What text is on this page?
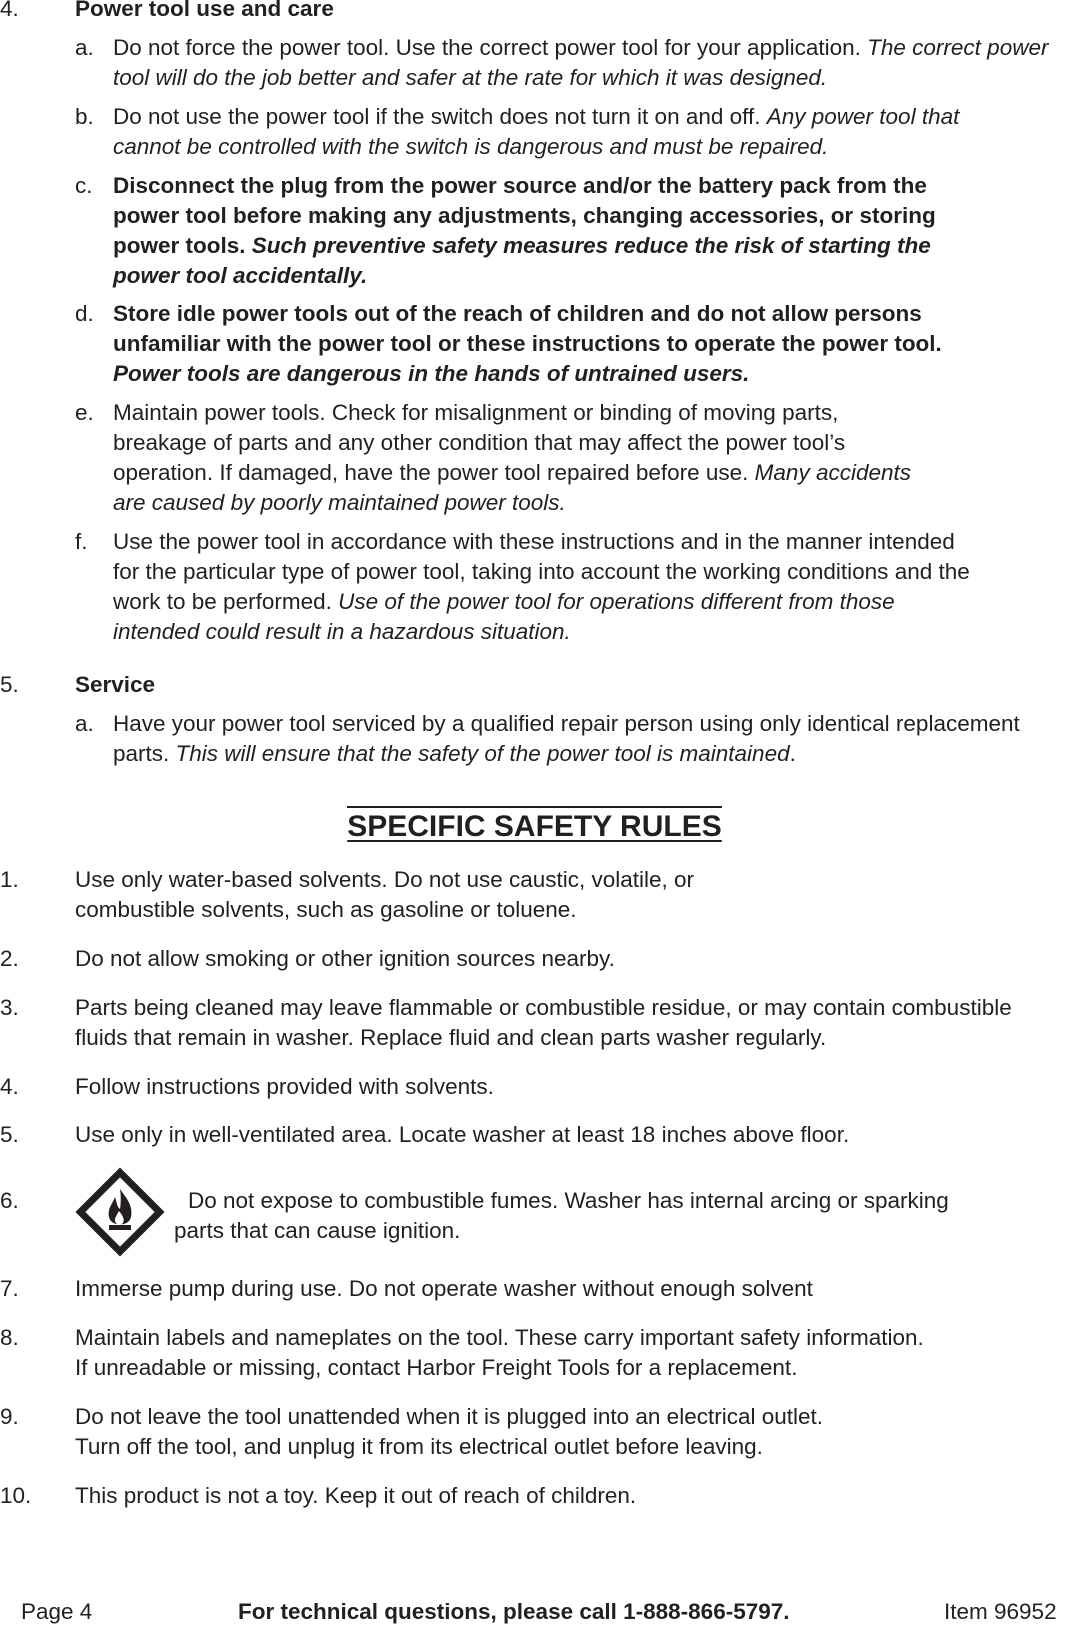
4. Power tool use and care
a. Do not force the power tool. Use the correct power tool for your application. The correct power tool will do the job better and safer at the rate for which it was designed.
b. Do not use the power tool if the switch does not turn it on and off. Any power tool that cannot be controlled with the switch is dangerous and must be repaired.
c. Disconnect the plug from the power source and/or the battery pack from the power tool before making any adjustments, changing accessories, or storing power tools. Such preventive safety measures reduce the risk of starting the power tool accidentally.
d. Store idle power tools out of the reach of children and do not allow persons unfamiliar with the power tool or these instructions to operate the power tool. Power tools are dangerous in the hands of untrained users.
e. Maintain power tools. Check for misalignment or binding of moving parts, breakage of parts and any other condition that may affect the power tool’s operation. If damaged, have the power tool repaired before use. Many accidents are caused by poorly maintained power tools.
f. Use the power tool in accordance with these instructions and in the manner intended for the particular type of power tool, taking into account the working conditions and the work to be performed. Use of the power tool for operations different from those intended could result in a hazardous situation.
5. Service
a. Have your power tool serviced by a qualified repair person using only identical replacement parts. This will ensure that the safety of the power tool is maintained.
SPECIFIC SAFETY RULES
1. Use only water-based solvents. Do not use caustic, volatile, or
combustible solvents, such as gasoline or toluene.
2. Do not allow smoking or other ignition sources nearby.
3. Parts being cleaned may leave flammable or combustible residue, or may contain combustible fluids that remain in washer. Replace fluid and clean parts washer regularly.
4. Follow instructions provided with solvents.
5. Use only in well-ventilated area. Locate washer at least 18 inches above floor.
6.	Do not expose to combustible fumes. Washer has internal arcing or sparking
parts that can cause ignition.
7. Immerse pump during use. Do not operate washer without enough solvent
8. Maintain labels and nameplates on the tool. These carry important safety information.
If unreadable or missing, contact Harbor Freight Tools for a replacement.
9. Do not leave the tool unattended when it is plugged into an electrical outlet.
Turn off the tool, and unplug it from its electrical outlet before leaving.
10. This product is not a toy. Keep it out of reach of children.
Page 4	For technical questions, please call 1-888-866-5797.	Item 96952
